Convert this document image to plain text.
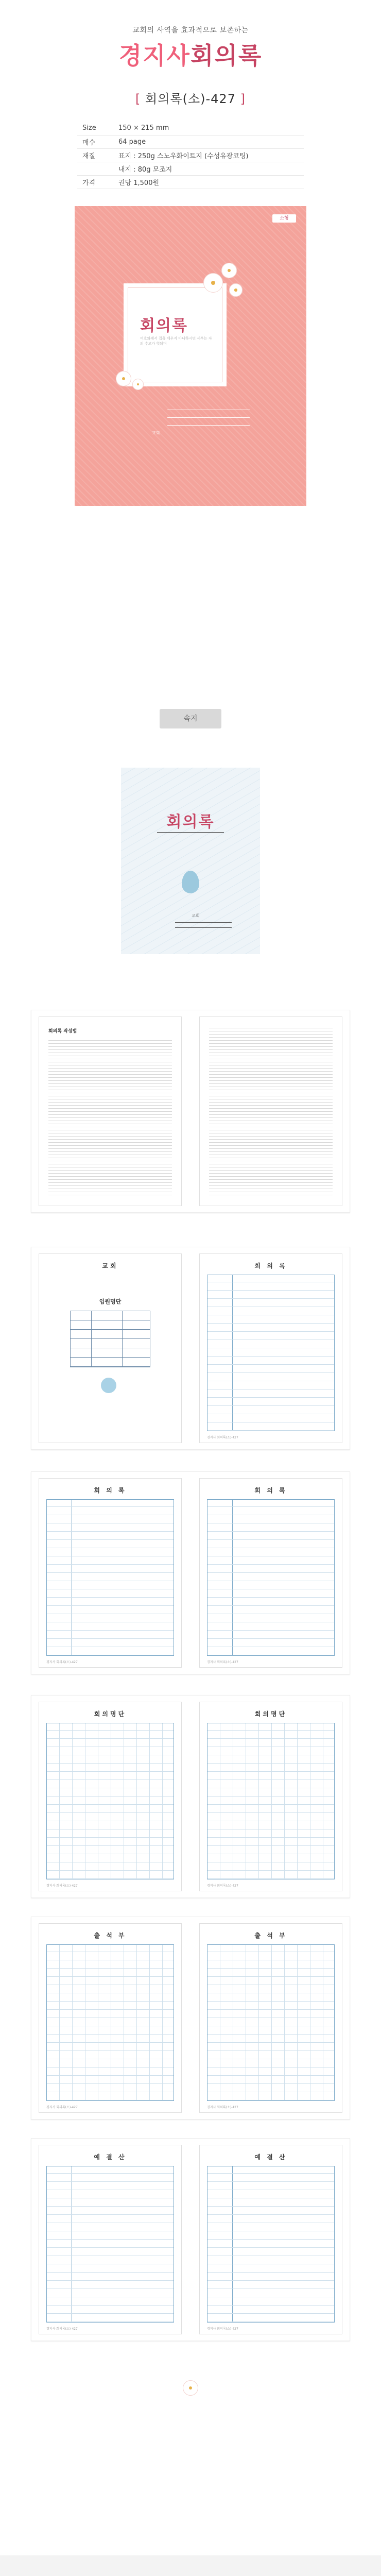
교회의 사역을 효과적으로 보존하는
경지사회의록
[ 회의록(소)-427 ]
Size	150 × 215 mm
매수	64 page
재질	표지 : 250g 스노우화이트지 (수성유광코팅)
	내지 : 80g 모조지
가격	권당 1,500원
소형
회의록
여호와께서 집을 세우지 아니하시면 세우는 자의 수고가 헛되며
교회
속지
회의록
교회
회의록 작성법
교회
임원명단
회 의 록
경지사 회의록(소)-427
회 의 록
경지사 회의록(소)-427
회 의 록
경지사 회의록(소)-427
회의명단
경지사 회의록(소)-427
회의명단
경지사 회의록(소)-427
출 석 부
경지사 회의록(소)-427
출 석 부
경지사 회의록(소)-427
예 결 산
경지사 회의록(소)-427
예 결 산
경지사 회의록(소)-427
